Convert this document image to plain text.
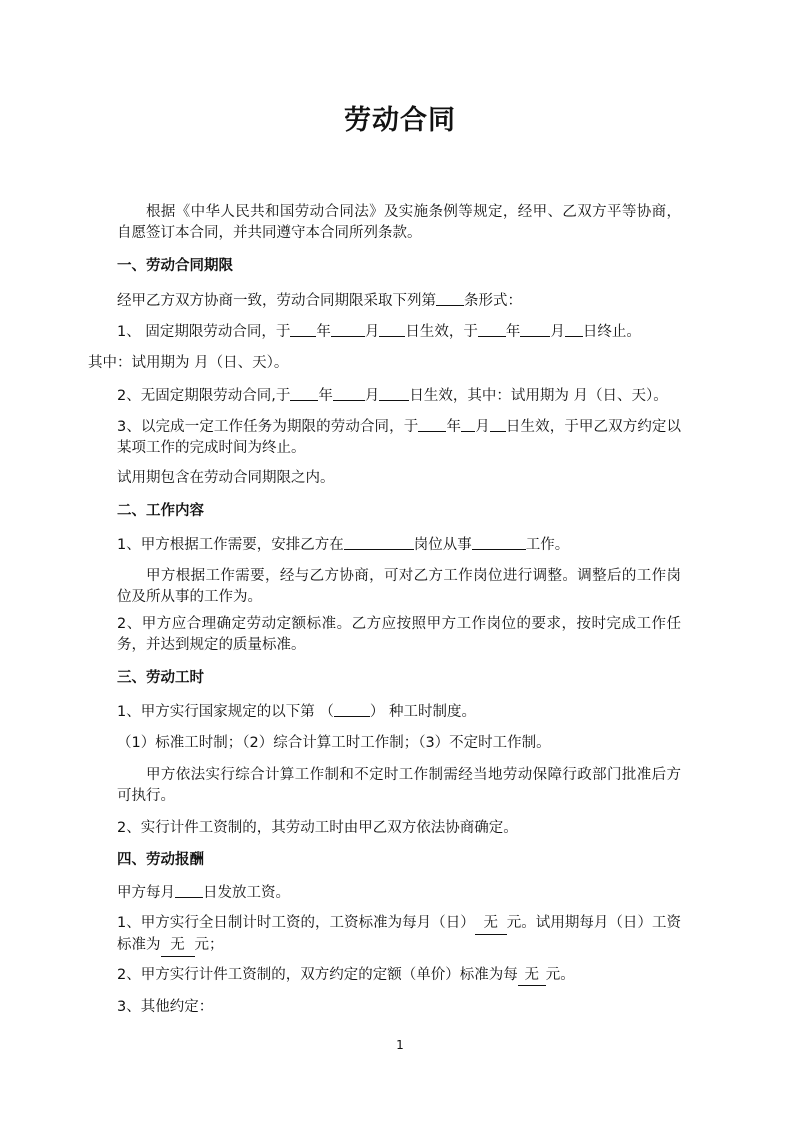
劳动合同
根据《中华人民共和国劳动合同法》及实施条例等规定，经甲、乙双方平等协商，自愿签订本合同，并共同遵守本合同所列条款。
一、劳动合同期限
经甲乙方双方协商一致，劳动合同期限采取下列第 条形式：
1、 固定期限劳动合同，于 年 月 日生效，于 年 月 日终止。
其中：试用期为 月（日、天）。
2、无固定期限劳动合同,于 年 月 日生效，其中：试用期为 月（日、天）。
3、以完成一定工作任务为期限的劳动合同，于 年 月 日生效，于甲乙双方约定以某项工作的完成时间为终止。
试用期包含在劳动合同期限之内。
二、工作内容
1、甲方根据工作需要，安排乙方在	岗位从事	工作。
甲方根据工作需要，经与乙方协商，可对乙方工作岗位进行调整。调整后的工作岗位及所从事的工作为。
2、甲方应合理确定劳动定额标准。乙方应按照甲方工作岗位的要求，按时完成工作任务，并达到规定的质量标准。
三、劳动工时
1、甲方实行国家规定的以下第 （ ） 种工时制度。
（1）标准工时制；（2）综合计算工时工作制；（3）不定时工作制。
甲方依法实行综合计算工作制和不定时工作制需经当地劳动保障行政部门批准后方可执行。
2、实行计件工资制的，其劳动工时由甲乙双方依法协商确定。
四、劳动报酬
甲方每月 日发放工资。
1、甲方实行全日制计时工资的，工资标准为每月（日） 无 元。试用期每月（日）工资标准为 无 元；
2、甲方实行计件工资制的，双方约定的定额（单价）标准为每 无 元。
3、其他约定：
1
